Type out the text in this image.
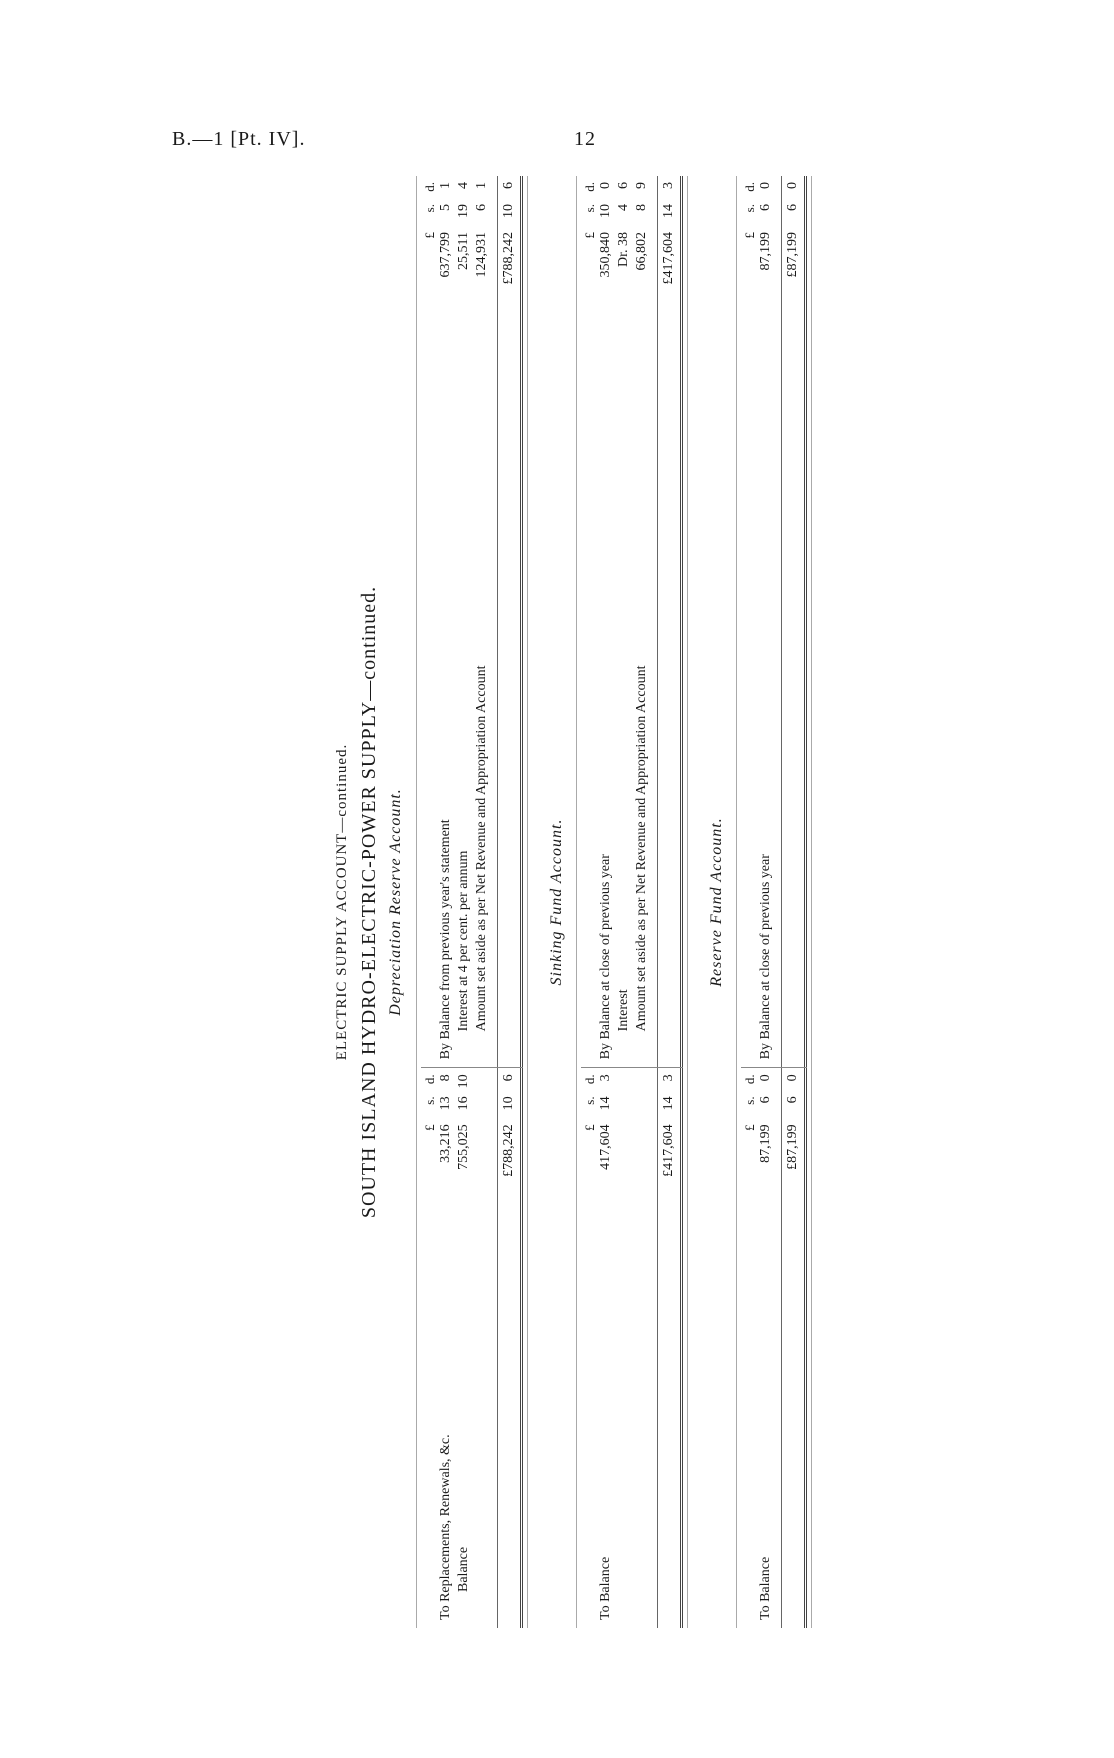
B.—1 [Pt. IV].	12
ELECTRIC SUPPLY ACCOUNT—continued. SOUTH ISLAND HYDRO-ELECTRIC-POWER SUPPLY—continued. Depreciation Reserve Account.
£
s.
d.
To Replacements, Renewals, &c.
33,216
13
8
Balance
755,025
16
10
£788,242
10
6
£
s.
d.
By Balance from previous year's statement
637,799
5
1
Interest at 4 per cent. per annum
25,511
19
4
Amount set aside as per Net Revenue and Appropriation Account
124,931
6
1
£788,242
10
6
Sinking Fund Account.
£
s.
d.
To Balance
417,604
14
3
£417,604
14
3
£
s.
d.
By Balance at close of previous year
350,840
10
0
Interest
Dr. 38
4
6
Amount set aside as per Net Revenue and Appropriation Account
66,802
8
9
£417,604
14
3
Reserve Fund Account.
£
s.
d.
To Balance
87,199
6
0
£87,199
6
0
£
s.
d.
By Balance at close of previous year
87,199
6
0
£87,199
6
0
